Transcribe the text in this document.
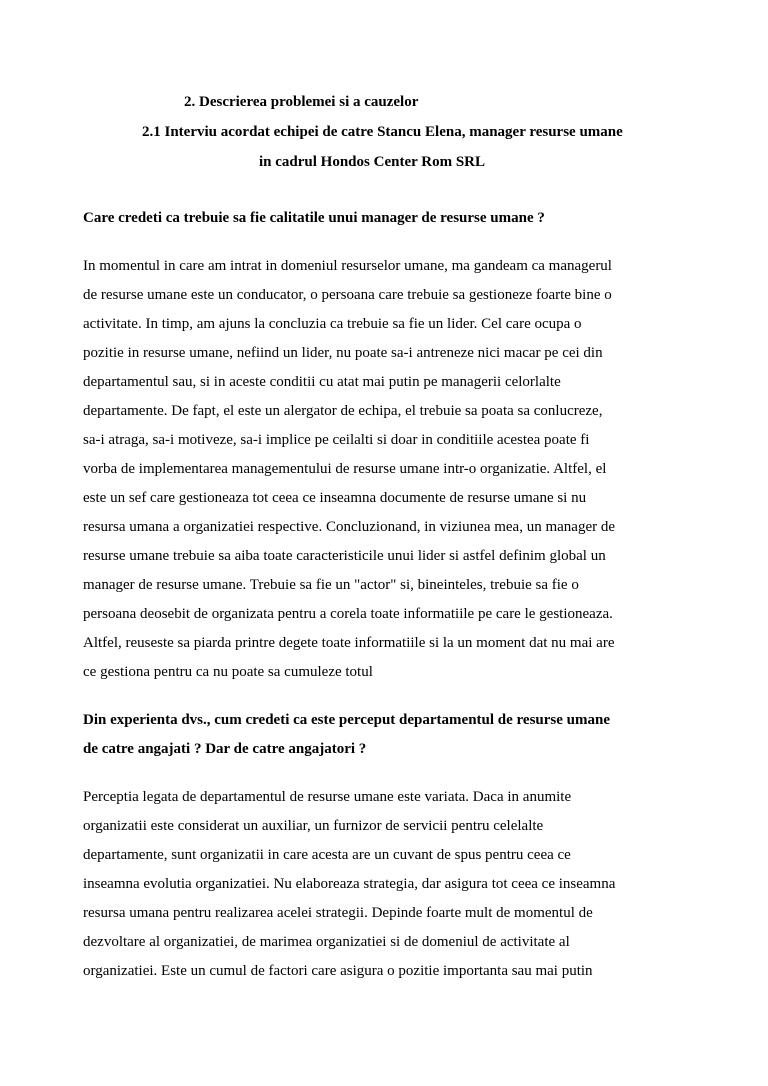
2. Descrierea problemei si a cauzelor
2.1 Interviu acordat echipei de catre Stancu Elena, manager resurse umane
in cadrul Hondos Center Rom SRL
Care credeti ca trebuie sa fie calitatile unui manager de resurse umane ?
In momentul in care am intrat in domeniul resurselor umane, ma gandeam ca managerul
de resurse umane este un conducator, o persoana care trebuie sa gestioneze foarte bine o
activitate. In timp, am ajuns la concluzia ca trebuie sa fie un lider. Cel care ocupa o
pozitie in resurse umane, nefiind un lider, nu poate sa-i antreneze nici macar pe cei din
departamentul sau, si in aceste conditii cu atat mai putin pe managerii celorlalte
departamente. De fapt, el este un alergator de echipa, el trebuie sa poata sa conlucreze,
sa-i atraga, sa-i motiveze, sa-i implice pe ceilalti si doar in conditiile acestea poate fi
vorba de implementarea managementului de resurse umane intr-o organizatie. Altfel, el
este un sef care gestioneaza tot ceea ce inseamna documente de resurse umane si nu
resursa umana a organizatiei respective. Concluzionand, in viziunea mea, un manager de
resurse umane trebuie sa aiba toate caracteristicile unui lider si astfel definim global un
manager de resurse umane. Trebuie sa fie un "actor" si, bineinteles, trebuie sa fie o
persoana deosebit de organizata pentru a corela toate informatiile pe care le gestioneaza.
Altfel, reuseste sa piarda printre degete toate informatiile si la un moment dat nu mai are
ce gestiona pentru ca nu poate sa cumuleze totul
Din experienta dvs., cum credeti ca este perceput departamentul de resurse umane
de catre angajati ? Dar de catre angajatori ?
Perceptia legata de departamentul de resurse umane este variata. Daca in anumite
organizatii este considerat un auxiliar, un furnizor de servicii pentru celelalte
departamente, sunt organizatii in care acesta are un cuvant de spus pentru ceea ce
inseamna evolutia organizatiei. Nu elaboreaza strategia, dar asigura tot ceea ce inseamna
resursa umana pentru realizarea acelei strategii. Depinde foarte mult de momentul de
dezvoltare al organizatiei, de marimea organizatiei si de domeniul de activitate al
organizatiei. Este un cumul de factori care asigura o pozitie importanta sau mai putin
